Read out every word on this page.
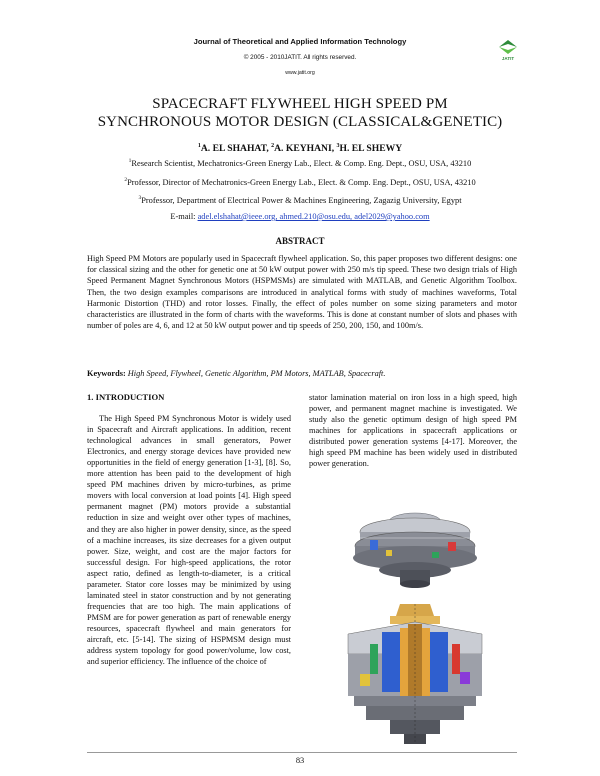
Journal of Theoretical and Applied Information Technology
© 2005 - 2010JATIT. All rights reserved.
www.jatit.org
JATIT
SPACECRAFT FLYWHEEL HIGH SPEED PM
SYNCHRONOUS MOTOR DESIGN (CLASSICAL&GENETIC)
$^1$A. EL SHAHAT, $^2$A. KEYHANI, $^3$H. EL SHEWY
$^1$Research Scientist, Mechatronics-Green Energy Lab., Elect. & Comp. Eng. Dept., OSU, USA, 43210
$^2$Professor, Director of Mechatronics-Green Energy Lab., Elect. & Comp. Eng. Dept., OSU, USA, 43210
$^3$Professor, Department of Electrical Power & Machines Engineering, Zagazig University, Egypt
E-mail: adel.elshahat@ieee.org, ahmed.210@osu.edu, adel2029@yahoo.com
ABSTRACT
High Speed PM Motors are popularly used in Spacecraft flywheel application. So, this paper proposes two different designs: one for classical sizing and the other for genetic one at 50 kW output power with 250 m/s tip speed. These two design trials of High Speed Permanent Magnet Synchronous Motors (HSPMSMs) are simulated with MATLAB, and Genetic Algorithm Toolbox. Then, the two design examples comparisons are introduced in analytical forms with study of machines waveforms, Total Harmonic Distortion (THD) and rotor losses. Finally, the effect of poles number on some sizing parameters and motor characteristics are illustrated in the form of charts with the waveforms. This is done at constant number of slots and phases with number of poles are 4, 6, and 12 at 50 kW output power and tip speeds of 250, 200, 150, and 100m/s.
Keywords: High Speed, Flywheel, Genetic Algorithm, PM Motors, MATLAB, Spacecraft.
1. INTRODUCTION
The High Speed PM Synchronous Motor is widely used in Spacecraft and Aircraft applications. In addition, recent technological advances in small generators, Power Electronics, and energy storage devices have provided new opportunities in the field of energy generation [1-3], [8]. So, more attention has been paid to the development of high speed PM machines driven by micro-turbines, as prime movers with local conversion at load points [4]. High speed permanent magnet (PM) motors provide a substantial reduction in size and weight over other types of machines, and they are also higher in power density, since, as the speed of a machine increases, its size decreases for a given output power. Size, weight, and cost are the major factors for successful design. For high-speed applications, the rotor aspect ratio, defined as length-to-diameter, is a critical parameter. Stator core losses may be minimized by using laminated steel in stator construction and by not generating frequencies that are too high. The main applications of PMSM are for power generation as part of renewable energy resources, spacecraft flywheel and main generators for aircraft, etc. [5-14]. The sizing of HSPMSM design must address system topology for good power/volume, low cost, and superior efficiency. The influence of the choice of
stator lamination material on iron loss in a high speed, high power, and permanent magnet machine is investigated. We study also the genetic optimum design of high speed PM machines for applications in spacecraft applications or distributed power generation systems [4-17]. Moreover, the high speed PM machine has been widely used in distributed power generation.
83
